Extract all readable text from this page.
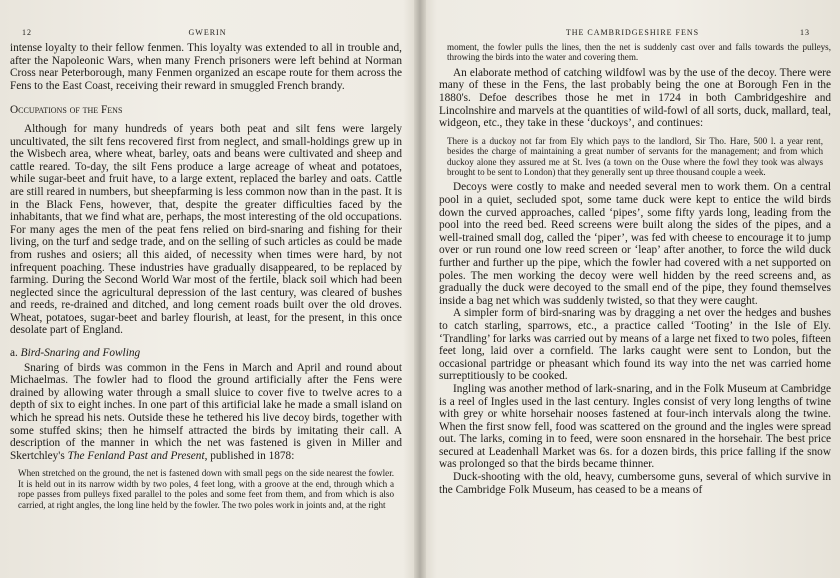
12	GWERIN

intense loyalty to their fellow fenmen. This loyalty was extended to all in trouble and, after the Napoleonic Wars, when many French prisoners were left behind at Norman Cross near Peterborough, many Fenmen organized an escape route for them across the Fens to the East Coast, receiving their reward in smuggled French brandy.

Occupations of the Fens

Although for many hundreds of years both peat and silt fens were largely uncultivated, the silt fens recovered first from neglect, and small-holdings grew up in the Wisbech area, where wheat, barley, oats and beans were cultivated and sheep and cattle reared. To-day, the silt Fens produce a large acreage of wheat and potatoes, while sugar-beet and fruit have, to a large extent, replaced the barley and oats. Cattle are still reared in numbers, but sheepfarming is less common now than in the past. It is in the Black Fens, however, that, despite the greater difficulties faced by the inhabitants, that we find what are, perhaps, the most interesting of the old occupations. For many ages the men of the peat fens relied on bird-snaring and fishing for their living, on the turf and sedge trade, and on the selling of such articles as could be made from rushes and osiers; all this aided, of necessity when times were hard, by not infrequent poaching. These industries have gradually disappeared, to be replaced by farming. During the Second World War most of the fertile, black soil which had been neglected since the agricultural depression of the last century, was cleared of bushes and reeds, re-drained and ditched, and long cement roads built over the old droves. Wheat, potatoes, sugar-beet and barley flourish, at least, for the present, in this once desolate part of England.

a. Bird-Snaring and Fowling

Snaring of birds was common in the Fens in March and April and round about Michaelmas. The fowler had to flood the ground artificially after the Fens were drained by allowing water through a small sluice to cover five to twelve acres to a depth of six to eight inches. In one part of this artificial lake he made a small island on which he spread his nets. Outside these he tethered his live decoy birds, together with some stuffed skins; then he himself attracted the birds by imitating their call. A description of the manner in which the net was fastened is given in Miller and Skertchley's The Fenland Past and Present, published in 1878:

When stretched on the ground, the net is fastened down with small pegs on the side nearest the fowler. It is held out in its narrow width by two poles, 4 feet long, with a groove at the end, through which a rope passes from pulleys fixed parallel to the poles and some feet from them, and from which is also carried, at right angles, the long line held by the fowler. The two poles work in joints and, at the right
THE CAMBRIDGESHIRE FENS	13
moment, the fowler pulls the lines, then the net is suddenly cast over and falls towards the pulleys, throwing the birds into the water and covering them.

An elaborate method of catching wildfowl was by the use of the decoy. There were many of these in the Fens, the last probably being the one at Borough Fen in the 1880's. Defoe describes those he met in 1724 in both Cambridgeshire and Lincolnshire and marvels at the quantities of wild-fowl of all sorts, duck, mallard, teal, widgeon, etc., they take in these ‘duckoys’, and continues:

There is a duckoy not far from Ely which pays to the landlord, Sir Tho. Hare, 500 l. a year rent, besides the charge of maintaining a great number of servants for the management; and from which duckoy alone they assured me at St. Ives (a town on the Ouse where the fowl they took was always brought to be sent to London) that they generally sent up three thousand couple a week.

Decoys were costly to make and needed several men to work them. On a central pool in a quiet, secluded spot, some tame duck were kept to entice the wild birds down the curved approaches, called ‘pipes’, some fifty yards long, leading from the pool into the reed bed. Reed screens were built along the sides of the pipes, and a well-trained small dog, called the ‘piper’, was fed with cheese to encourage it to jump over or run round one low reed screen or ‘leap’ after another, to force the wild duck further and further up the pipe, which the fowler had covered with a net supported on poles. The men working the decoy were well hidden by the reed screens and, as gradually the duck were decoyed to the small end of the pipe, they found themselves inside a bag net which was suddenly twisted, so that they were caught.

A simpler form of bird-snaring was by dragging a net over the hedges and bushes to catch starling, sparrows, etc., a practice called ‘Tooting’ in the Isle of Ely. ‘Trandling’ for larks was carried out by means of a large net fixed to two poles, fifteen feet long, laid over a cornfield. The larks caught were sent to London, but the occasional partridge or pheasant which found its way into the net was carried home surreptitiously to be cooked.

Ingling was another method of lark-snaring, and in the Folk Museum at Cambridge is a reel of Ingles used in the last century. Ingles consist of very long lengths of twine with grey or white horsehair nooses fastened at four-inch intervals along the twine. When the first snow fell, food was scattered on the ground and the ingles were spread out. The larks, coming in to feed, were soon ensnared in the horsehair. The best price secured at Leadenhall Market was 6s. for a dozen birds, this price falling if the snow was prolonged so that the birds became thinner.

Duck-shooting with the old, heavy, cumbersome guns, several of which survive in the Cambridge Folk Museum, has ceased to be a means of
